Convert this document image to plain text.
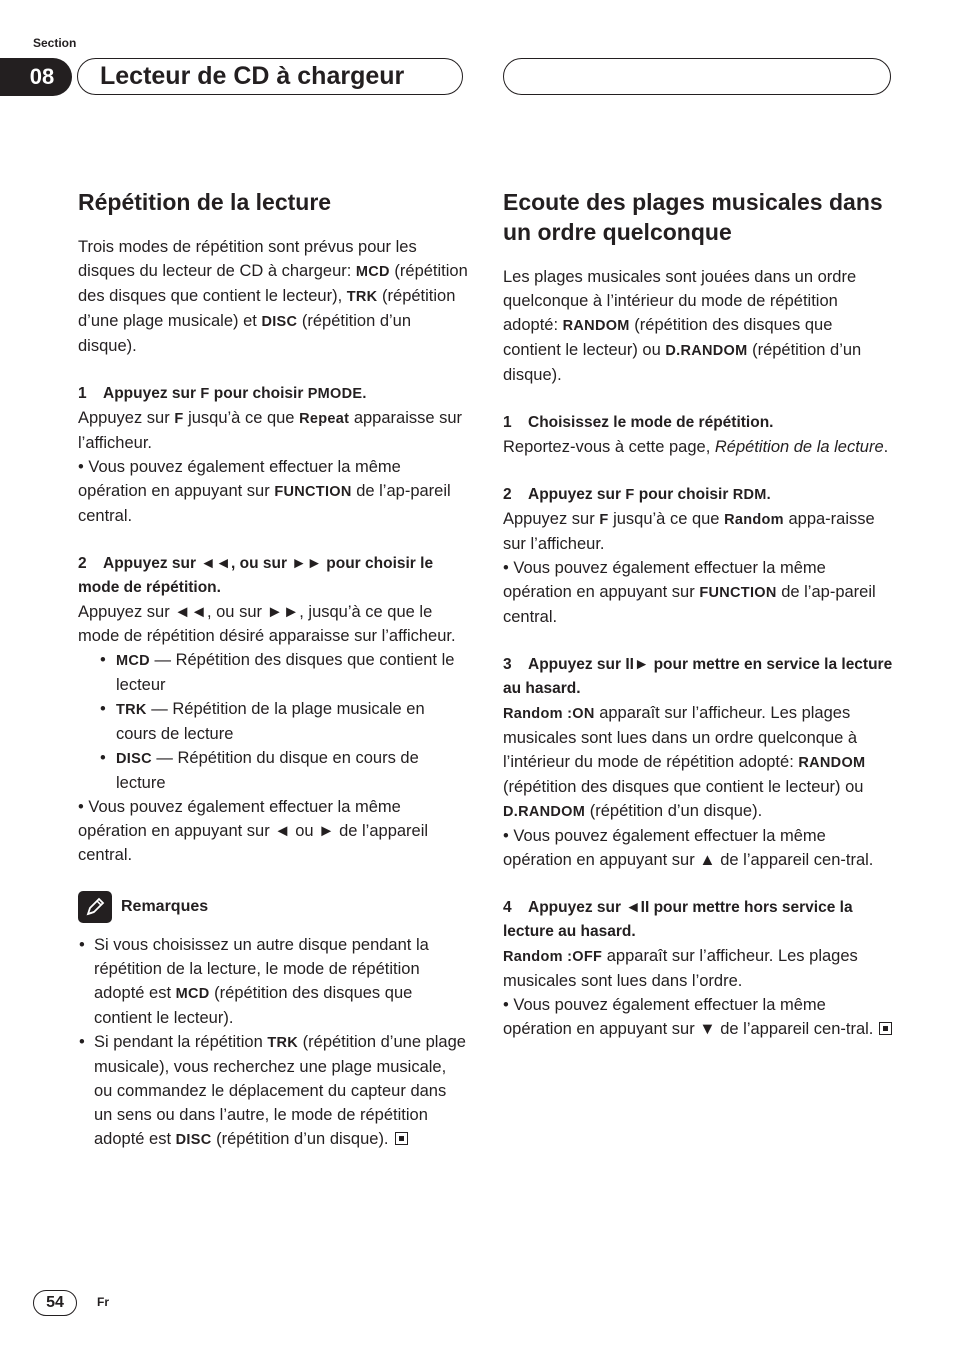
Section
08	Lecteur de CD à chargeur
Répétition de la lecture

Trois modes de répétition sont prévus pour les disques du lecteur de CD à chargeur: MCD (répétition des disques que contient le lecteur), TRK (répétition d’une plage musicale) et DISC (répétition d’un disque).

1 Appuyez sur F pour choisir PMODE.

Appuyez sur F jusqu’à ce que Repeat apparaisse sur l’afficheur.

• Vous pouvez également effectuer la même opération en appuyant sur FUNCTION de l’ap-pareil central.

2 Appuyez sur ◄◄, ou sur ►► pour choisir le mode de répétition.

Appuyez sur ◄◄, ou sur ►►, jusqu’à ce que le mode de répétition désiré apparaisse sur l’afficheur.

• MCD — Répétition des disques que contient le lecteur
• TRK — Répétition de la plage musicale en cours de lecture
• DISC — Répétition du disque en cours de lecture

• Vous pouvez également effectuer la même opération en appuyant sur ◄ ou ► de l’appareil central.

Remarques
• Si vous choisissez un autre disque pendant la répétition de la lecture, le mode de répétition adopté est MCD (répétition des disques que contient le lecteur).
• Si pendant la répétition TRK (répétition d’une plage musicale), vous recherchez une plage musicale, ou commandez le déplacement du capteur dans un sens ou dans l’autre, le mode de répétition adopté est DISC (répétition d’un disque).
Ecoute des plages musicales dans un ordre quelconque

Les plages musicales sont jouées dans un ordre quelconque à l’intérieur du mode de répétition adopté: RANDOM (répétition des disques que contient le lecteur) ou D.RANDOM (répétition d’un disque).

1 Choisissez le mode de répétition.

Reportez-vous à cette page, Répétition de la lecture.

2 Appuyez sur F pour choisir RDM.

Appuyez sur F jusqu’à ce que Random appa-raisse sur l’afficheur.

• Vous pouvez également effectuer la même opération en appuyant sur FUNCTION de l’ap-pareil central.

3 Appuyez sur II► pour mettre en service la lecture au hasard.

Random :ON apparaît sur l’afficheur. Les plages musicales sont lues dans un ordre quelconque à l’intérieur du mode de répétition adopté: RANDOM (répétition des disques que contient le lecteur) ou D.RANDOM (répétition d’un disque).

• Vous pouvez également effectuer la même opération en appuyant sur ▲ de l’appareil cen-tral.

4 Appuyez sur ◄II pour mettre hors service la lecture au hasard.

Random :OFF apparaît sur l’afficheur. Les plages musicales sont lues dans l’ordre.

• Vous pouvez également effectuer la même opération en appuyant sur ▼ de l’appareil cen-tral.

54	Fr
